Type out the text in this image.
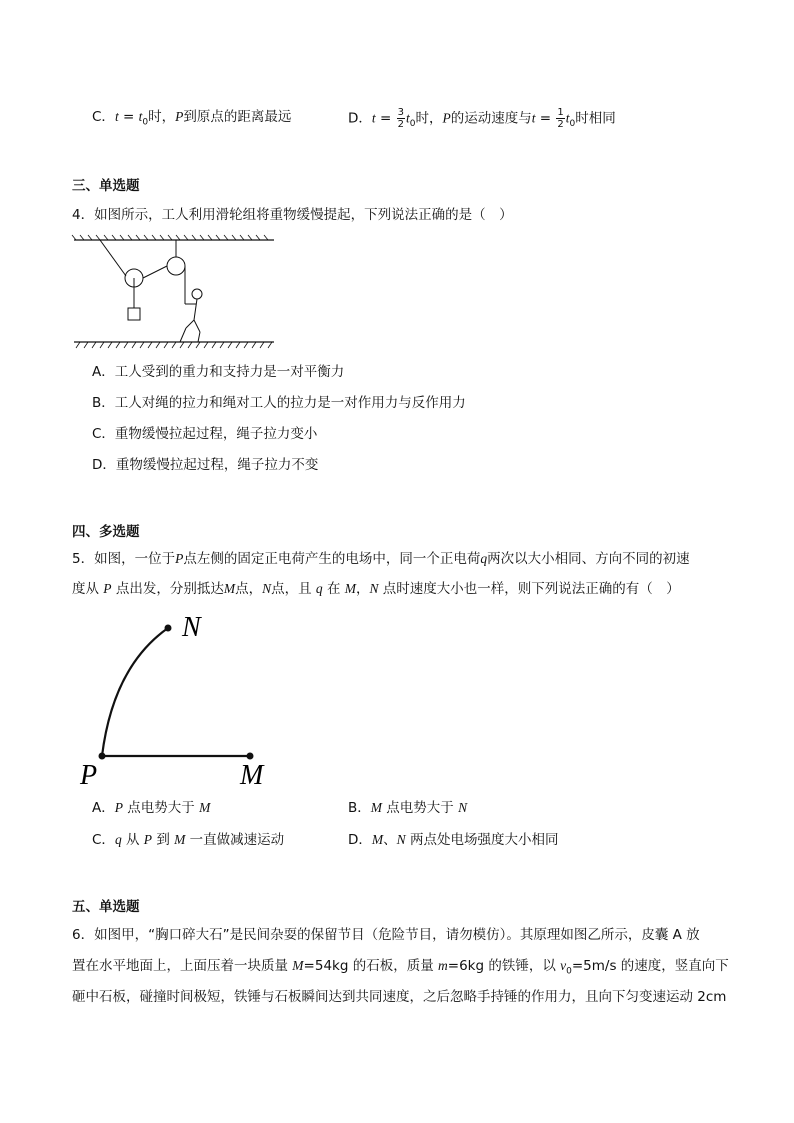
C．$t = t_0$时，P到原点的距离最远	D．$t = \frac{3}{2} t_0$时，P的运动速度与$t = \frac{1}{2} t_0$时相同
三、单选题
4．如图所示，工人利用滑轮组将重物缓慢提起，下列说法正确的是（　）
A．工人受到的重力和支持力是一对平衡力
B．工人对绳的拉力和绳对工人的拉力是一对作用力与反作用力
C．重物缓慢拉起过程，绳子拉力变小
D．重物缓慢拉起过程，绳子拉力不变
四、多选题
5．如图，一位于P点左侧的固定正电荷产生的电场中，同一个正电荷q两次以大小相同、方向不同的初速
度从 P 点出发，分别抵达M点，N点，且 q 在 M，N 点时速度大小也一样，则下列说法正确的有（　）
N
P	M
A．P 点电势大于 M	B．M 点电势大于 N
C．q 从 P 到 M 一直做减速运动	D．M、N 两点处电场强度大小相同
五、单选题
6．如图甲，“胸口碎大石”是民间杂耍的保留节目（危险节目，请勿模仿）。其原理如图乙所示，皮囊 A 放
置在水平地面上，上面压着一块质量 M=54kg 的石板，质量 m=6kg 的铁锤，以 $v_0=5m/s$ 的速度，竖直向下
砸中石板，碰撞时间极短，铁锤与石板瞬间达到共同速度，之后忽略手持锤的作用力，且向下匀变速运动 2cm
